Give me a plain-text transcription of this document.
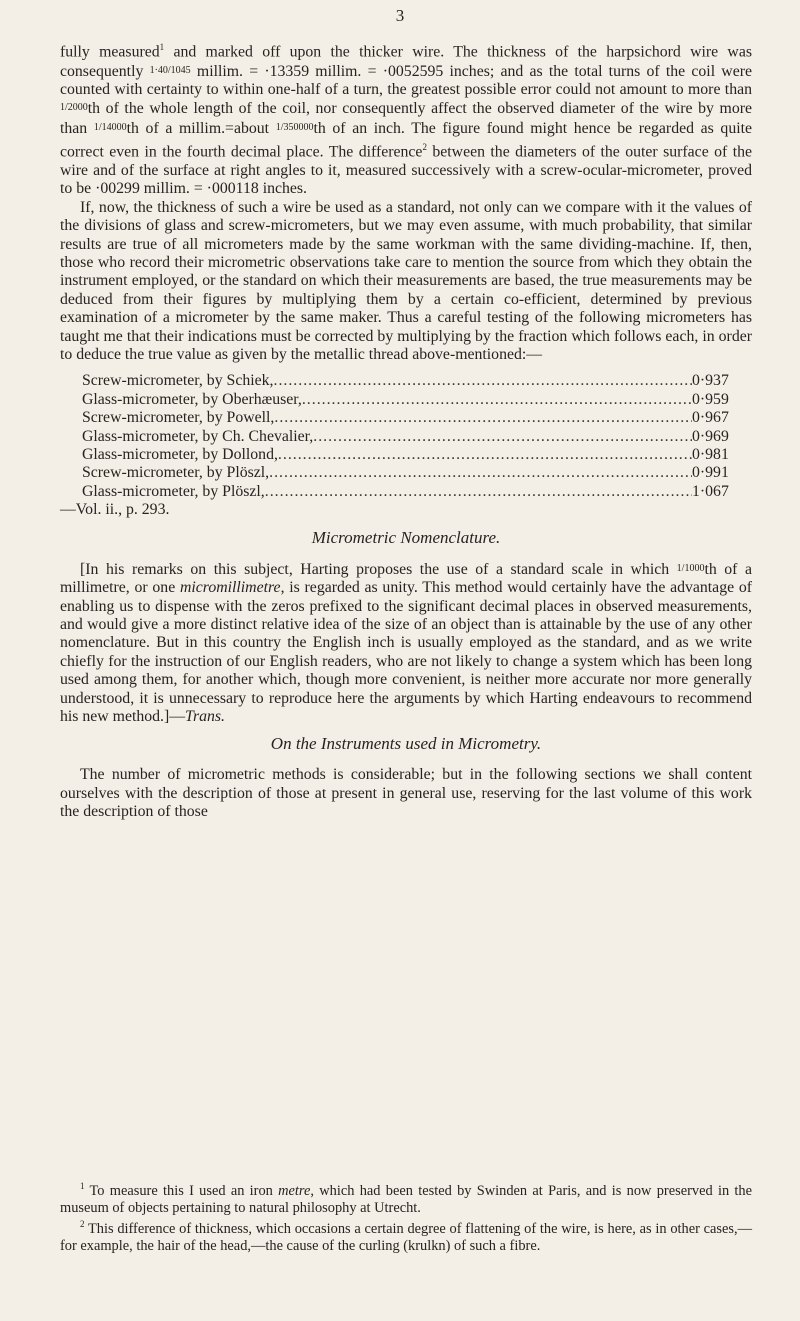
3

fully measured$^1$ and marked off upon the thicker wire. The thickness of the harpsichord wire was consequently 1·40/1045 millim. = ·13359 millim. = ·0052595 inches; and as the total turns of the coil were counted with certainty to within one-half of a turn, the greatest possible error could not amount to more than 1/2000th of the whole length of the coil, nor consequently affect the observed diameter of the wire by more than 1/14000th of a millim.=about 1/350000th of an inch. The figure found might hence be regarded as quite correct even in the fourth decimal place. The difference$^2$ between the diameters of the outer surface of the wire and of the surface at right angles to it, measured successively with a screw-ocular-micrometer, proved to be ·00299 millim. = ·000118 inches.

If, now, the thickness of such a wire be used as a standard, not only can we compare with it the values of the divisions of glass and screw-micrometers, but we may even assume, with much probability, that similar results are true of all micrometers made by the same workman with the same dividing-machine. If, then, those who record their micrometric observations take care to mention the source from which they obtain the instrument employed, or the standard on which their measurements are based, the true measurements may be deduced from their figures by multiplying them by a certain co-efficient, determined by previous examination of a micrometer by the same maker. Thus a careful testing of the following micrometers has taught me that their indications must be corrected by multiplying by the fraction which follows each, in order to deduce the true value as given by the metallic thread above-mentioned:—

Screw-micrometer, by Schiek, .....	0·937
Glass-micrometer, by Oberhæuser, .....	0·959
Screw-micrometer, by Powell, .....	0·967
Glass-micrometer, by Ch. Chevalier, .....	0·969
Glass-micrometer, by Dollond, .....	0·981
Screw-micrometer, by Plöszl, .....	0·991
Glass-micrometer, by Plöszl, .....	1·067
—Vol. ii., p. 293.
Micrometric Nomenclature.

[In his remarks on this subject, Harting proposes the use of a standard scale in which 1/1000th of a millimetre, or one micromillimetre, is regarded as unity. This method would certainly have the advantage of enabling us to dispense with the zeros prefixed to the significant decimal places in observed measurements, and would give a more distinct relative idea of the size of an object than is attainable by the use of any other nomenclature. But in this country the English inch is usually employed as the standard, and as we write chiefly for the instruction of our English readers, who are not likely to change a system which has been long used among them, for another which, though more convenient, is neither more accurate nor more generally understood, it is unnecessary to reproduce here the arguments by which Harting endeavours to recommend his new method.]—Trans.

On the Instruments used in Micrometry.

The number of micrometric methods is considerable; but in the following sections we shall content ourselves with the description of those at present in general use, reserving for the last volume of this work the description of those

$^1$ To measure this I used an iron metre, which had been tested by Swinden at Paris, and is now preserved in the museum of objects pertaining to natural philosophy at Utrecht.

$^2$ This difference of thickness, which occasions a certain degree of flattening of the wire, is here, as in other cases,—for example, the hair of the head,—the cause of the curling (krulkn) of such a fibre.
